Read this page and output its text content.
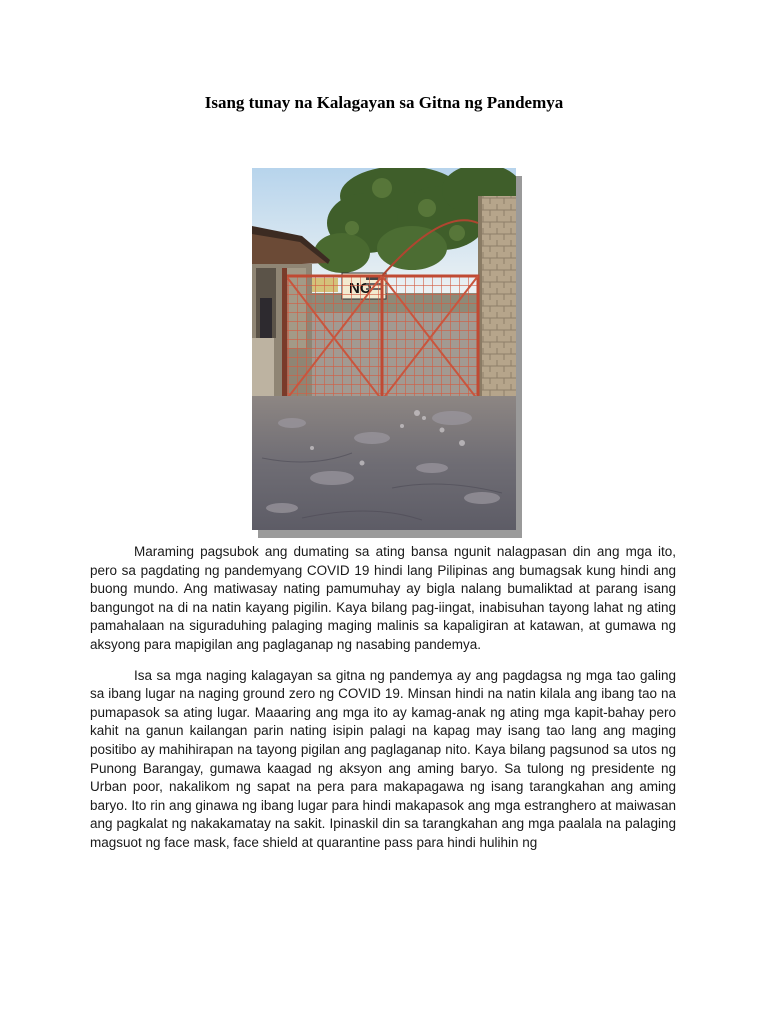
Isang tunay na Kalagayan sa Gitna ng Pandemya

Maraming pagsubok ang dumating sa ating bansa ngunit nalagpasan din ang mga ito, pero sa pagdating ng pandemyang COVID 19 hindi lang Pilipinas ang bumagsak kung hindi ang buong mundo. Ang matiwasay nating pamumuhay ay bigla nalang bumaliktad at parang isang bangungot na di na natin kayang pigilin. Kaya bilang pag-iingat, inabisuhan tayong lahat ng ating pamahalaan na siguraduhing palaging maging malinis sa kapaligiran at katawan, at gumawa ng aksyong para mapigilan ang paglaganap ng nasabing pandemya.

Isa sa mga naging kalagayan sa gitna ng pandemya ay ang pagdagsa ng mga tao galing sa ibang lugar na naging ground zero ng COVID 19. Minsan hindi na natin kilala ang ibang tao na pumapasok sa ating lugar. Maaaring ang mga ito ay kamag-anak ng ating mga kapit-bahay pero kahit na ganun kailangan parin nating isipin palagi na kapag may isang tao lang ang maging positibo ay mahihirapan na tayong pigilan ang paglaganap nito. Kaya bilang pagsunod sa utos ng Punong Barangay, gumawa kaagad ng aksyon ang aming baryo. Sa tulong ng presidente ng Urban poor, nakalikom ng sapat na pera para makapagawa ng isang tarangkahan ang aming baryo. Ito rin ang ginawa ng ibang lugar para hindi makapasok ang mga estranghero at maiwasan ang pagkalat ng nakakamatay na sakit. Ipinaskil din sa tarangkahan ang mga paalala na palaging magsuot ng face mask, face shield at quarantine pass para hindi hulihin ng
